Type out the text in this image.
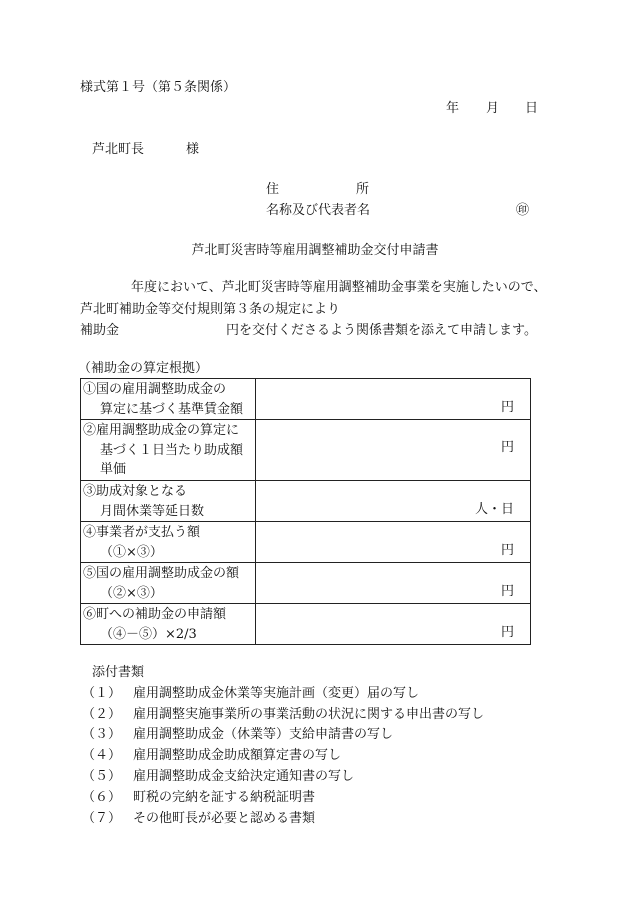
様式第１号（第５条関係）
年 月 日
芦北町長	様
住	所
名称及び代表者名	㊞
芦北町災害時等雇用調整補助金交付申請書
年度において、芦北町災害時等雇用調整補助金事業を実施したいので、
芦北町補助金等交付規則第３条の規定により
補助金	円を交付くださるよう関係書類を添えて申請します。
（補助金の算定根拠）
①国の雇用調整助成金の
算定に基づく基準賃金額	円

②雇用調整助成金の算定に
基づく１日当たり助成額
単価	円

③助成対象となる
月間休業等延日数	人・日

④事業者が支払う額
（①×③）	円

⑤国の雇用調整助成金の額
（②×③）	円

⑥町への補助金の申請額
（④－⑤）×2/3	円
添付書類
（１） 雇用調整助成金休業等実施計画（変更）届の写し
（２） 雇用調整実施事業所の事業活動の状況に関する申出書の写し
（３） 雇用調整助成金（休業等）支給申請書の写し
（４） 雇用調整助成金助成額算定書の写し
（５） 雇用調整助成金支給決定通知書の写し
（６） 町税の完納を証する納税証明書
（７） その他町長が必要と認める書類
